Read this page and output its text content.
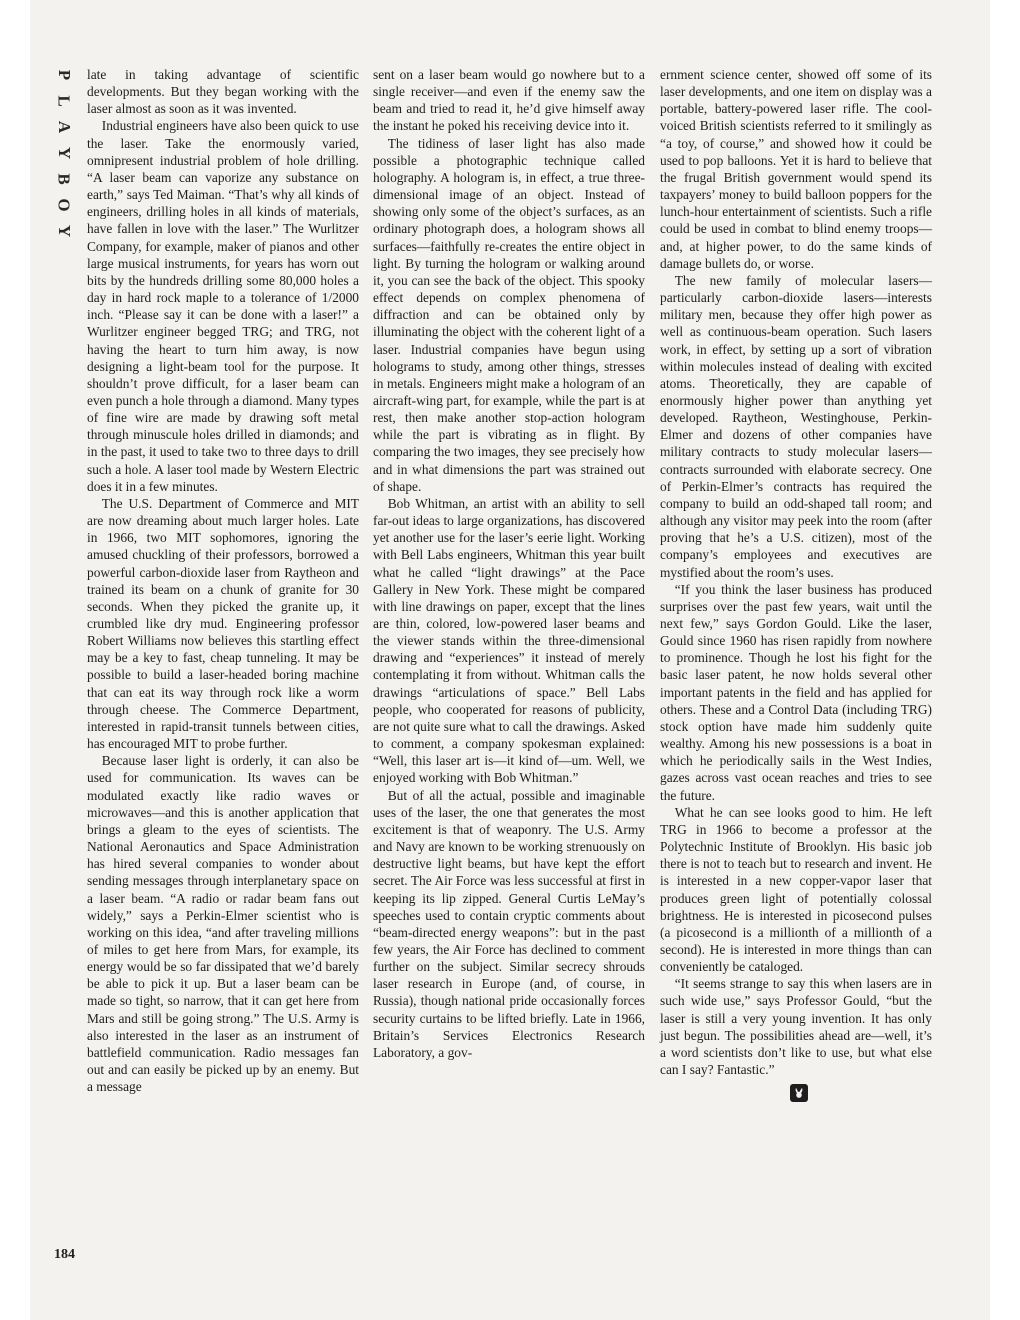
P
L
A
Y
B
O
Y
184

late in taking advantage of scientific developments. But they began working with the laser almost as soon as it was invented.

Industrial engineers have also been quick to use the laser. Take the enormously varied, omnipresent industrial problem of hole drilling. “A laser beam can vaporize any substance on earth,” says Ted Maiman. “That’s why all kinds of engineers, drilling holes in all kinds of materials, have fallen in love with the laser.” The Wurlitzer Company, for example, maker of pianos and other large musical instruments, for years has worn out bits by the hundreds drilling some 80,000 holes a day in hard rock maple to a tolerance of 1/2000 inch. “Please say it can be done with a laser!” a Wurlitzer engineer begged TRG; and TRG, not having the heart to turn him away, is now designing a light-beam tool for the purpose. It shouldn’t prove difficult, for a laser beam can even punch a hole through a diamond. Many types of fine wire are made by drawing soft metal through minuscule holes drilled in diamonds; and in the past, it used to take two to three days to drill such a hole. A laser tool made by Western Electric does it in a few minutes.

The U.S. Department of Commerce and MIT are now dreaming about much larger holes. Late in 1966, two MIT sophomores, ignoring the amused chuckling of their professors, borrowed a powerful carbon-dioxide laser from Raytheon and trained its beam on a chunk of granite for 30 seconds. When they picked the granite up, it crumbled like dry mud. Engineering professor Robert Williams now believes this startling effect may be a key to fast, cheap tunneling. It may be possible to build a laser-headed boring machine that can eat its way through rock like a worm through cheese. The Commerce Department, interested in rapid-transit tunnels between cities, has encouraged MIT to probe further.

Because laser light is orderly, it can also be used for communication. Its waves can be modulated exactly like radio waves or microwaves—and this is another application that brings a gleam to the eyes of scientists. The National Aeronautics and Space Administration has hired several companies to wonder about sending messages through interplanetary space on a laser beam. “A radio or radar beam fans out widely,” says a Perkin-Elmer scientist who is working on this idea, “and after traveling millions of miles to get here from Mars, for example, its energy would be so far dissipated that we’d barely be able to pick it up. But a laser beam can be made so tight, so narrow, that it can get here from Mars and still be going strong.” The U.S. Army is also interested in the laser as an instrument of battlefield communication. Radio messages fan out and can easily be picked up by an enemy. But a message

sent on a laser beam would go nowhere but to a single receiver—and even if the enemy saw the beam and tried to read it, he’d give himself away the instant he poked his receiving device into it.

The tidiness of laser light has also made possible a photographic technique called holography. A hologram is, in effect, a true three-dimensional image of an object. Instead of showing only some of the object’s surfaces, as an ordinary photograph does, a hologram shows all surfaces—faithfully re-creates the entire object in light. By turning the hologram or walking around it, you can see the back of the object. This spooky effect depends on complex phenomena of diffraction and can be obtained only by illuminating the object with the coherent light of a laser. Industrial companies have begun using holograms to study, among other things, stresses in metals. Engineers might make a hologram of an aircraft-wing part, for example, while the part is at rest, then make another stop-action hologram while the part is vibrating as in flight. By comparing the two images, they see precisely how and in what dimensions the part was strained out of shape.

Bob Whitman, an artist with an ability to sell far-out ideas to large organizations, has discovered yet another use for the laser’s eerie light. Working with Bell Labs engineers, Whitman this year built what he called “light drawings” at the Pace Gallery in New York. These might be compared with line drawings on paper, except that the lines are thin, colored, low-powered laser beams and the viewer stands within the three-dimensional drawing and “experiences” it instead of merely contemplating it from without. Whitman calls the drawings “articulations of space.” Bell Labs people, who cooperated for reasons of publicity, are not quite sure what to call the drawings. Asked to comment, a company spokesman explained: “Well, this laser art is—it kind of—um. Well, we enjoyed working with Bob Whitman.”

But of all the actual, possible and imaginable uses of the laser, the one that generates the most excitement is that of weaponry. The U.S. Army and Navy are known to be working strenuously on destructive light beams, but have kept the effort secret. The Air Force was less successful at first in keeping its lip zipped. General Curtis LeMay’s speeches used to contain cryptic comments about “beam-directed energy weapons”: but in the past few years, the Air Force has declined to comment further on the subject. Similar secrecy shrouds laser research in Europe (and, of course, in Russia), though national pride occasionally forces security curtains to be lifted briefly. Late in 1966, Britain’s Services Electronics Research Laboratory, a gov-

ernment science center, showed off some of its laser developments, and one item on display was a portable, battery-powered laser rifle. The cool-voiced British scientists referred to it smilingly as “a toy, of course,” and showed how it could be used to pop balloons. Yet it is hard to believe that the frugal British government would spend its taxpayers’ money to build balloon poppers for the lunch-hour entertainment of scientists. Such a rifle could be used in combat to blind enemy troops—and, at higher power, to do the same kinds of damage bullets do, or worse.

The new family of molecular lasers—particularly carbon-dioxide lasers—interests military men, because they offer high power as well as continuous-beam operation. Such lasers work, in effect, by setting up a sort of vibration within molecules instead of dealing with excited atoms. Theoretically, they are capable of enormously higher power than anything yet developed. Raytheon, Westinghouse, Perkin-Elmer and dozens of other companies have military contracts to study molecular lasers—contracts surrounded with elaborate secrecy. One of Perkin-Elmer’s contracts has required the company to build an odd-shaped tall room; and although any visitor may peek into the room (after proving that he’s a U.S. citizen), most of the company’s employees and executives are mystified about the room’s uses.

“If you think the laser business has produced surprises over the past few years, wait until the next few,” says Gordon Gould. Like the laser, Gould since 1960 has risen rapidly from nowhere to prominence. Though he lost his fight for the basic laser patent, he now holds several other important patents in the field and has applied for others. These and a Control Data (including TRG) stock option have made him suddenly quite wealthy. Among his new possessions is a boat in which he periodically sails in the West Indies, gazes across vast ocean reaches and tries to see the future.

What he can see looks good to him. He left TRG in 1966 to become a professor at the Polytechnic Institute of Brooklyn. His basic job there is not to teach but to research and invent. He is interested in a new copper-vapor laser that produces green light of potentially colossal brightness. He is interested in picosecond pulses (a picosecond is a millionth of a millionth of a second). He is interested in more things than can conveniently be cataloged.

“It seems strange to say this when lasers are in such wide use,” says Professor Gould, “but the laser is still a very young invention. It has only just begun. The possibilities ahead are—well, it’s a word scientists don’t like to use, but what else can I say? Fantastic.”
